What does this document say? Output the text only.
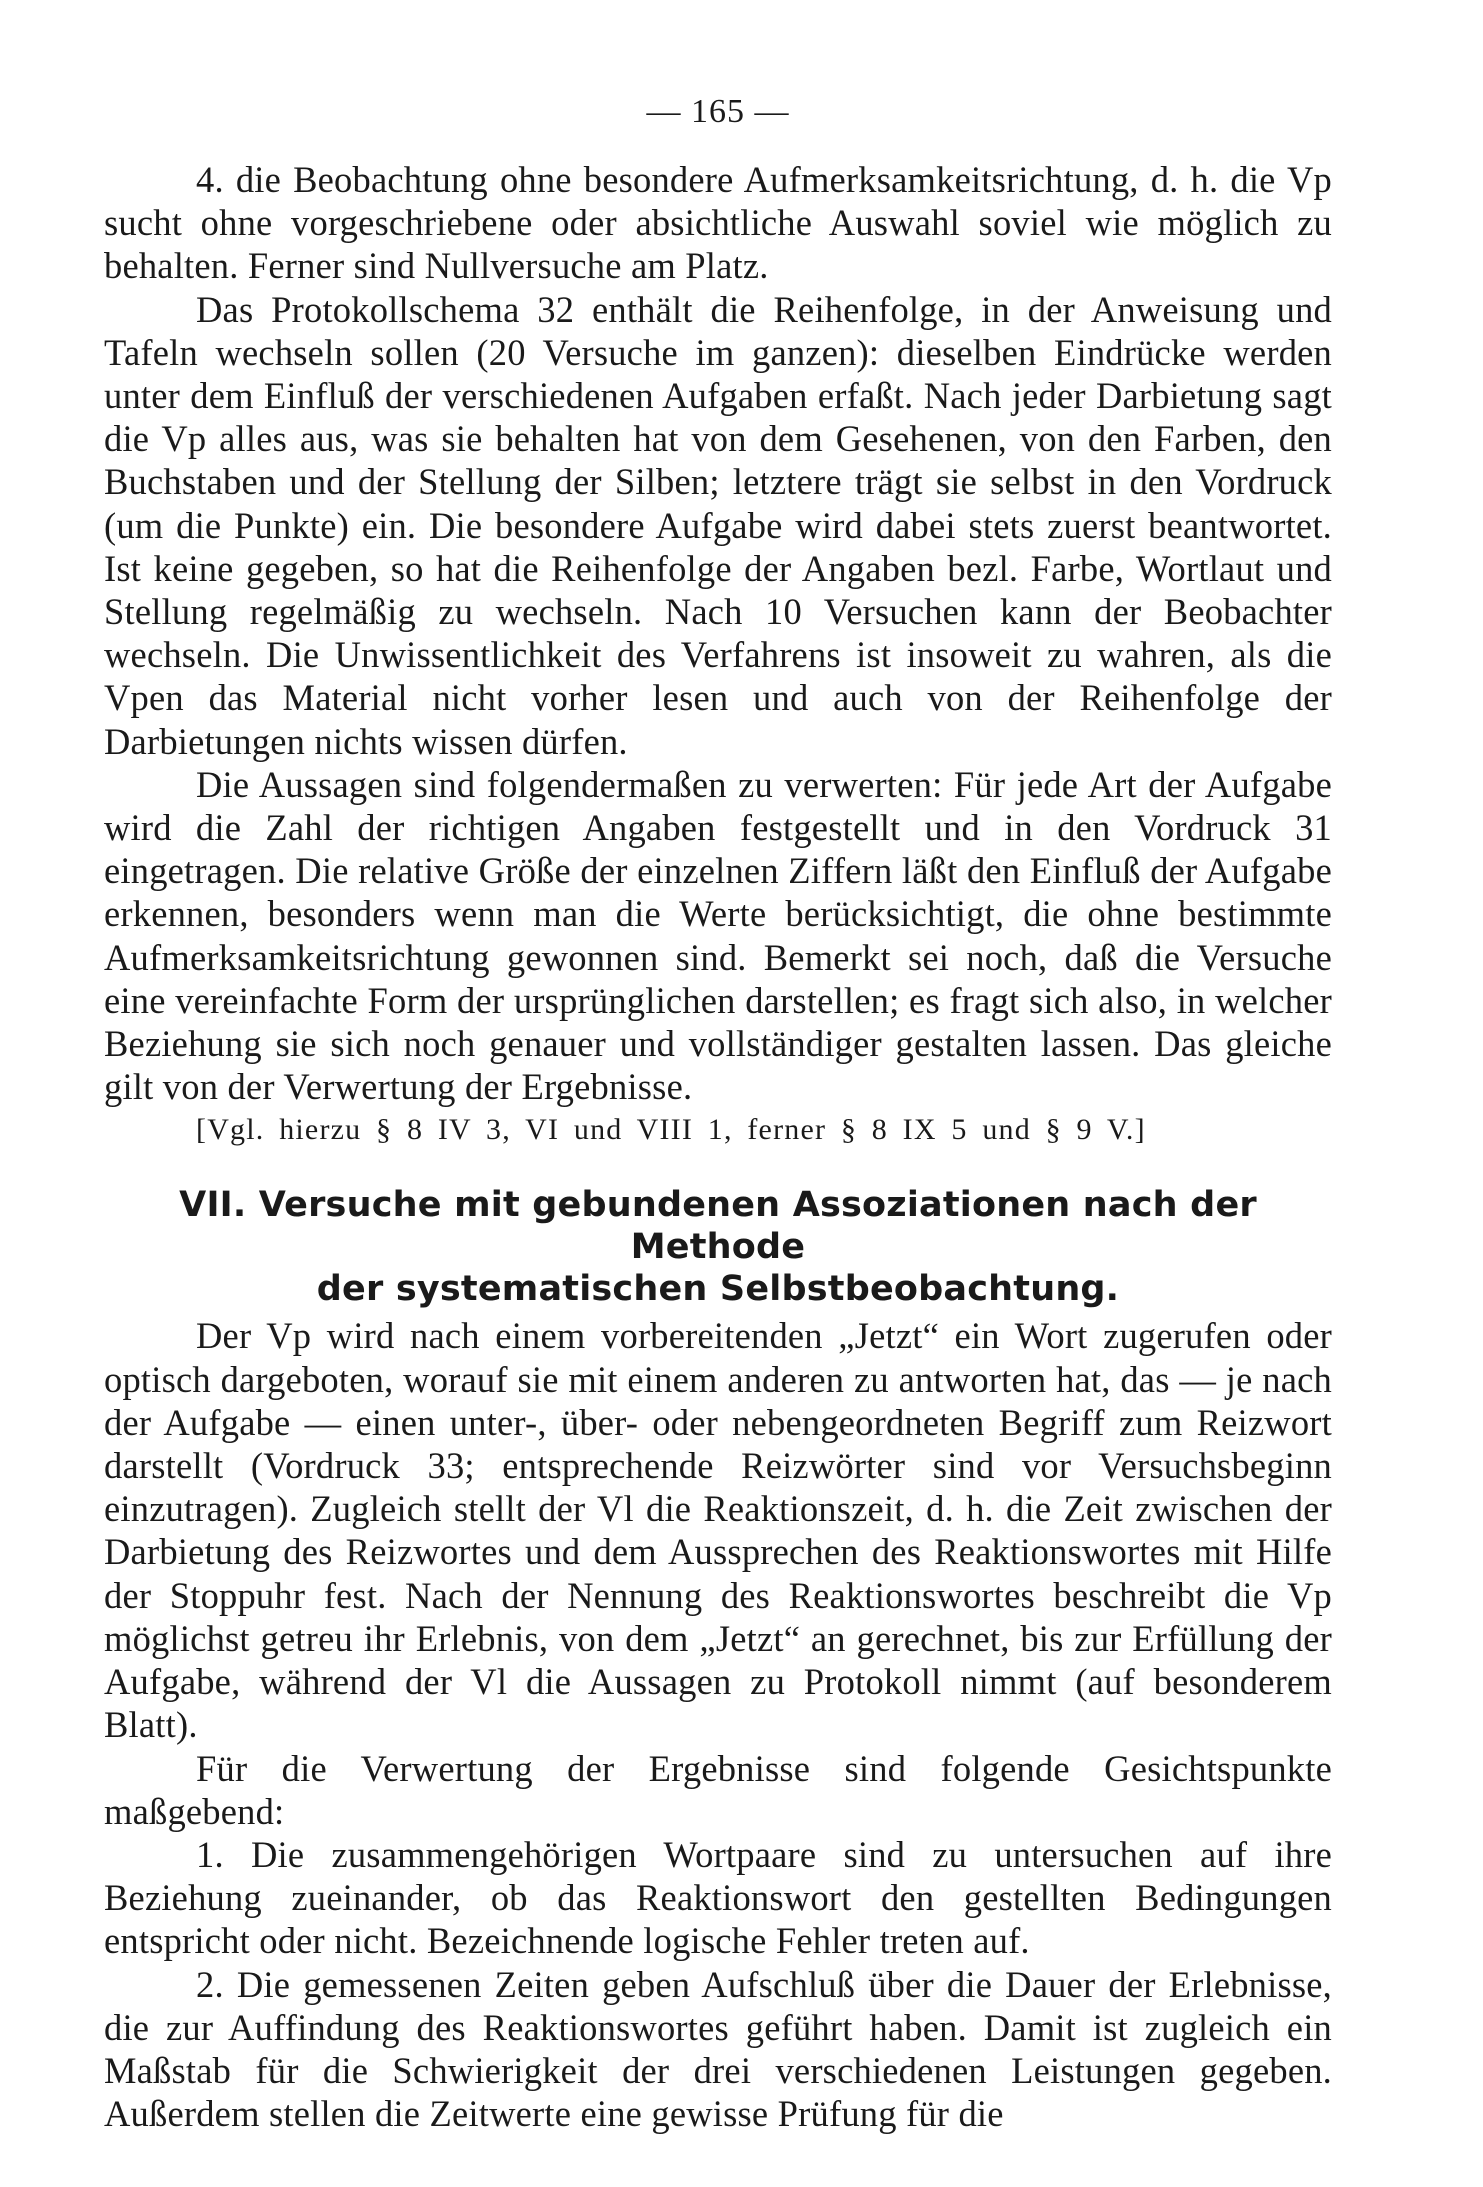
— 165 —

4. die Beobachtung ohne besondere Aufmerksamkeitsrichtung, d. h. die Vp sucht ohne vorgeschriebene oder absichtliche Auswahl soviel wie möglich zu behalten. Ferner sind Nullversuche am Platz.

Das Protokollschema 32 enthält die Reihenfolge, in der Anweisung und Tafeln wechseln sollen (20 Versuche im ganzen): dieselben Eindrücke werden unter dem Einfluß der verschiedenen Aufgaben erfaßt. Nach jeder Darbietung sagt die Vp alles aus, was sie behalten hat von dem Gesehenen, von den Farben, den Buchstaben und der Stellung der Silben; letztere trägt sie selbst in den Vordruck (um die Punkte) ein. Die besondere Aufgabe wird dabei stets zuerst beantwortet. Ist keine gegeben, so hat die Reihenfolge der Angaben bezl. Farbe, Wortlaut und Stellung regelmäßig zu wechseln. Nach 10 Versuchen kann der Beobachter wechseln. Die Unwissentlichkeit des Verfahrens ist insoweit zu wahren, als die Vpen das Material nicht vorher lesen und auch von der Reihenfolge der Darbietungen nichts wissen dürfen.

Die Aussagen sind folgendermaßen zu verwerten: Für jede Art der Aufgabe wird die Zahl der richtigen Angaben festgestellt und in den Vordruck 31 eingetragen. Die relative Größe der einzelnen Ziffern läßt den Einfluß der Aufgabe erkennen, besonders wenn man die Werte berücksichtigt, die ohne bestimmte Aufmerksamkeitsrichtung gewonnen sind. Bemerkt sei noch, daß die Versuche eine vereinfachte Form der ursprünglichen darstellen; es fragt sich also, in welcher Beziehung sie sich noch genauer und vollständiger gestalten lassen. Das gleiche gilt von der Verwertung der Ergebnisse.

[Vgl. hierzu § 8 IV 3, VI und VIII 1, ferner § 8 IX 5 und § 9 V.]

VII. Versuche mit gebundenen Assoziationen nach der Methode
der systematischen Selbstbeobachtung.

Der Vp wird nach einem vorbereitenden „Jetzt“ ein Wort zugerufen oder optisch dargeboten, worauf sie mit einem anderen zu antworten hat, das — je nach der Aufgabe — einen unter-, über- oder nebengeordneten Begriff zum Reizwort darstellt (Vordruck 33; entsprechende Reizwörter sind vor Versuchsbeginn einzutragen). Zugleich stellt der Vl die Reaktionszeit, d. h. die Zeit zwischen der Darbietung des Reizwortes und dem Aussprechen des Reaktionswortes mit Hilfe der Stoppuhr fest. Nach der Nennung des Reaktionswortes beschreibt die Vp möglichst getreu ihr Erlebnis, von dem „Jetzt“ an gerechnet, bis zur Erfüllung der Aufgabe, während der Vl die Aussagen zu Protokoll nimmt (auf besonderem Blatt).

Für die Verwertung der Ergebnisse sind folgende Gesichtspunkte maßgebend:

1. Die zusammengehörigen Wortpaare sind zu untersuchen auf ihre Beziehung zueinander, ob das Reaktionswort den gestellten Bedingungen entspricht oder nicht. Bezeichnende logische Fehler treten auf.

2. Die gemessenen Zeiten geben Aufschluß über die Dauer der Erlebnisse, die zur Auffindung des Reaktionswortes geführt haben. Damit ist zugleich ein Maßstab für die Schwierigkeit der drei verschiedenen Leistungen gegeben. Außerdem stellen die Zeitwerte eine gewisse Prüfung für die
